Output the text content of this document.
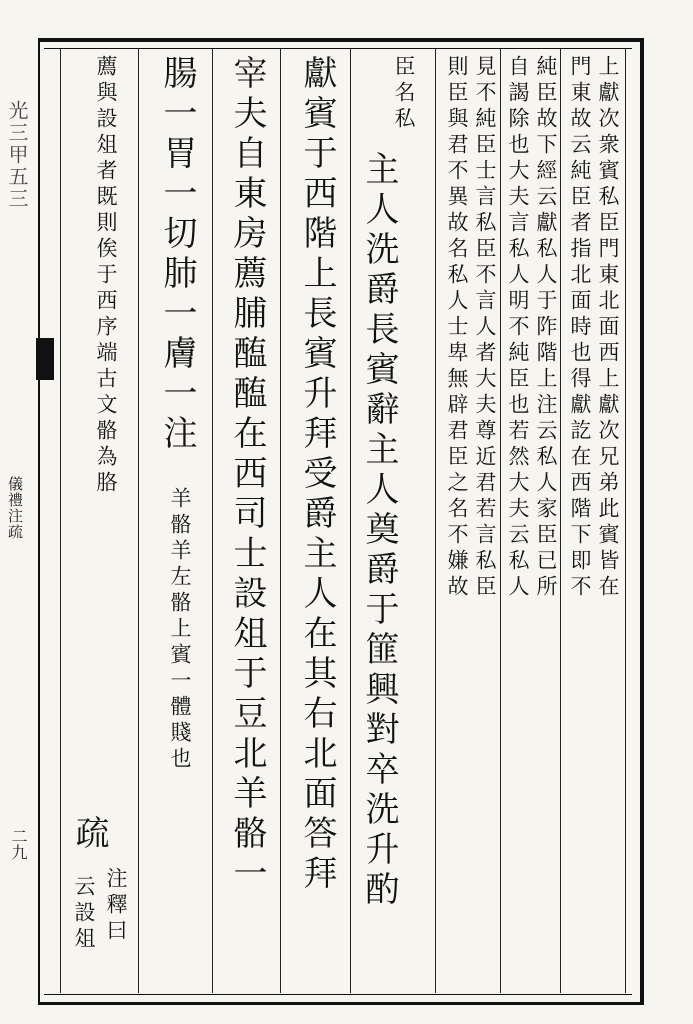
光三甲五三
儀禮注疏
二九
上獻次衆賓私臣門東北面西上獻次兄弟此賓皆在
門東故云純臣者指北面時也得獻訖在西階下即不
純臣故下經云獻私人于阼階上注云私人家臣已所
自謁除也大夫言私人明不純臣也若然大夫云私人
見不純臣士言私臣不言人者大夫尊近君若言私臣
則臣與君不異故名私人士卑無辟君臣之名不嫌故
臣名私
主人洗爵長賓辭主人奠爵于篚興對卒洗升酌
獻賓于西階上長賓升拜受爵主人在其右北面答拜
宰夫自東房薦脯醢醢在西司士設俎于豆北羊骼一
腸一胃一切肺一膚一注
羊骼羊左骼上賓一體賤也
薦與設俎者既則俟于西序端古文骼為胳
疏
注釋曰
云設俎
